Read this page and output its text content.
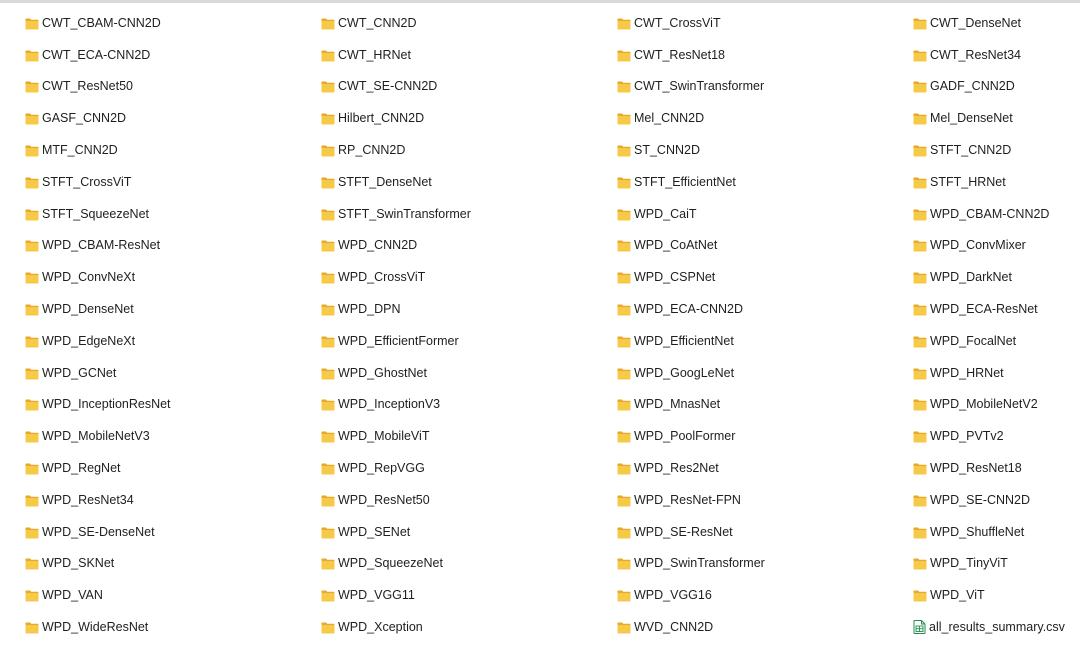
CWT_CBAM-CNN2D	CWT_CNN2D	CWT_CrossViT	CWT_DenseNet
CWT_ECA-CNN2D	CWT_HRNet	CWT_ResNet18	CWT_ResNet34
CWT_ResNet50	CWT_SE-CNN2D	CWT_SwinTransformer	GADF_CNN2D
GASF_CNN2D	Hilbert_CNN2D	Mel_CNN2D	Mel_DenseNet
MTF_CNN2D	RP_CNN2D	ST_CNN2D	STFT_CNN2D
STFT_CrossViT	STFT_DenseNet	STFT_EfficientNet	STFT_HRNet
STFT_SqueezeNet	STFT_SwinTransformer	WPD_CaiT	WPD_CBAM-CNN2D
WPD_CBAM-ResNet	WPD_CNN2D	WPD_CoAtNet	WPD_ConvMixer
WPD_ConvNeXt	WPD_CrossViT	WPD_CSPNet	WPD_DarkNet
WPD_DenseNet	WPD_DPN	WPD_ECA-CNN2D	WPD_ECA-ResNet
WPD_EdgeNeXt	WPD_EfficientFormer	WPD_EfficientNet	WPD_FocalNet
WPD_GCNet	WPD_GhostNet	WPD_GoogLeNet	WPD_HRNet
WPD_InceptionResNet	WPD_InceptionV3	WPD_MnasNet	WPD_MobileNetV2
WPD_MobileNetV3	WPD_MobileViT	WPD_PoolFormer	WPD_PVTv2
WPD_RegNet	WPD_RepVGG	WPD_Res2Net	WPD_ResNet18
WPD_ResNet34	WPD_ResNet50	WPD_ResNet-FPN	WPD_SE-CNN2D
WPD_SE-DenseNet	WPD_SENet	WPD_SE-ResNet	WPD_ShuffleNet
WPD_SKNet	WPD_SqueezeNet	WPD_SwinTransformer	WPD_TinyViT
WPD_VAN	WPD_VGG11	WPD_VGG16	WPD_ViT
WPD_WideResNet	WPD_Xception	WVD_CNN2D	all_results_summary.csv
